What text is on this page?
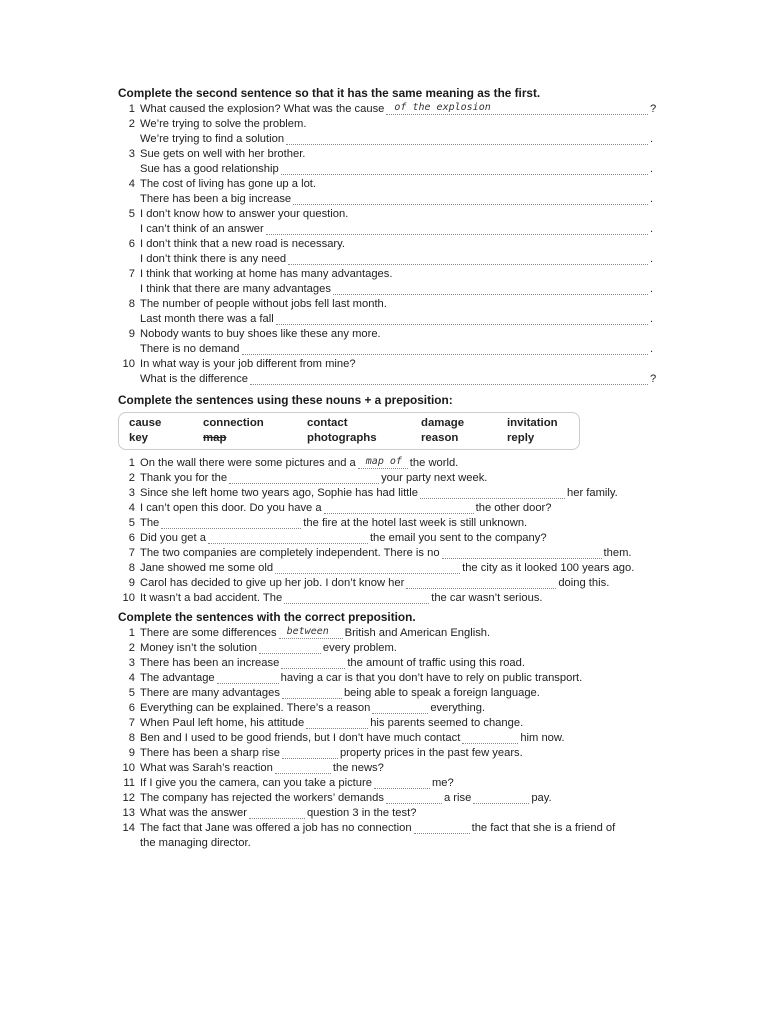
Complete the second sentence so that it has the same meaning as the first.
1 What caused the explosion? What was the cause of the explosion	?
2 We’re trying to solve the problem.
We’re trying to find a solution	.
3 Sue gets on well with her brother.
Sue has a good relationship	.
4 The cost of living has gone up a lot.
There has been a big increase	.
5 I don’t know how to answer your question.
I can’t think of an answer	.
6 I don’t think that a new road is necessary.
I don’t think there is any need	.
7 I think that working at home has many advantages.
I think that there are many advantages	.
8 The number of people without jobs fell last month.
Last month there was a fall	.
9 Nobody wants to buy shoes like these any more.
There is no demand	.
10 In what way is your job different from mine?
What is the difference	?
Complete the sentences using these nouns + a preposition:
cause	connection	contact	damage	invitation
key	map	photographs	reason	reply
1 On the wall there were some pictures and a map of the world.
2 Thank you for the	your party next week.
3 Since she left home two years ago, Sophie has had little	her family.
4 I can’t open this door. Do you have a	the other door?
5 The	the fire at the hotel last week is still unknown.
6 Did you get a	the email you sent to the company?
7 The two companies are completely independent. There is no	them.
8 Jane showed me some old	the city as it looked 100 years ago.
9 Carol has decided to give up her job. I don’t know her	doing this.
10 It wasn’t a bad accident. The	the car wasn’t serious.
Complete the sentences with the correct preposition.
1 There are some differences between British and American English.
2 Money isn’t the solution	every problem.
3 There has been an increase	the amount of traffic using this road.
4 The advantage	having a car is that you don’t have to rely on public transport.
5 There are many advantages	being able to speak a foreign language.
6 Everything can be explained. There’s a reason	everything.
7 When Paul left home, his attitude	his parents seemed to change.
8 Ben and I used to be good friends, but I don’t have much contact	him now.
9 There has been a sharp rise	property prices in the past few years.
10 What was Sarah’s reaction	the news?
11 If I give you the camera, can you take a picture	me?
12 The company has rejected the workers’ demands	a rise	pay.
13 What was the answer	question 3 in the test?
14 The fact that Jane was offered a job has no connection	the fact that she is a friend of
the managing director.
